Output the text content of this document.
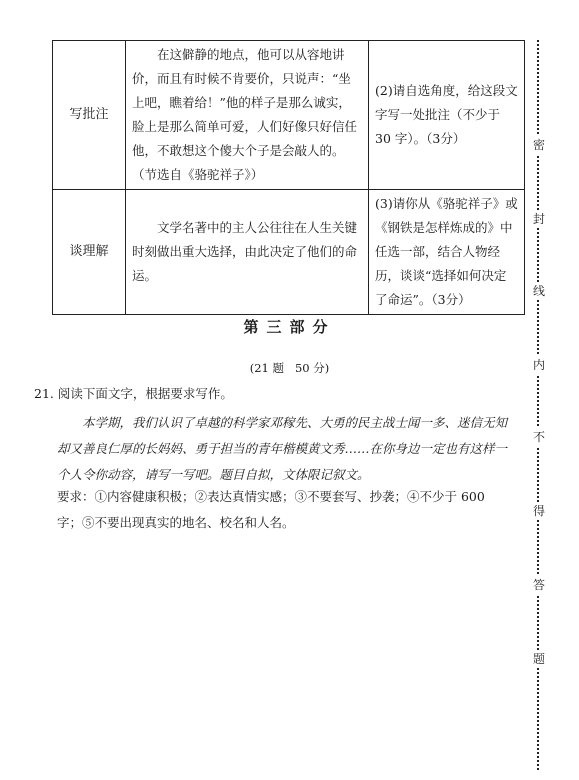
写批注	在这僻静的地点，他可以从容地讲价，而且有时候不肯要价，只说声：“坐上吧，瞧着给！”他的样子是那么诚实，脸上是那么简单可爱，人们好像只好信任他，不敢想这个傻大个子是会敲人的。（节选自《骆驼祥子》）	(2)请自选角度，给这段文字写一处批注（不少于 30 字）。（3分）
谈理解	文学名著中的主人公往往在人生关键时刻做出重大选择，由此决定了他们的命运。	(3)请你从《骆驼祥子》或《钢铁是怎样炼成的》中任选一部，结合人物经历，谈谈“选择如何决定了命运”。（3分）
第三部分
(21 题   50 分)
21. 阅读下面文字，根据要求写作。
本学期，我们认识了卓越的科学家邓稼先、大勇的民主战士闻一多、迷信无知却又善良仁厚的长妈妈、勇于担当的青年楷模黄文秀……在你身边一定也有这样一个人令你动容，请写一写吧。题目自拟，文体限记叙文。
要求：①内容健康积极；②表达真情实感；③不要套写、抄袭；④不少于 600 字；⑤不要出现真实的地名、校名和人名。
密
封
线
内
不
得
答
题
